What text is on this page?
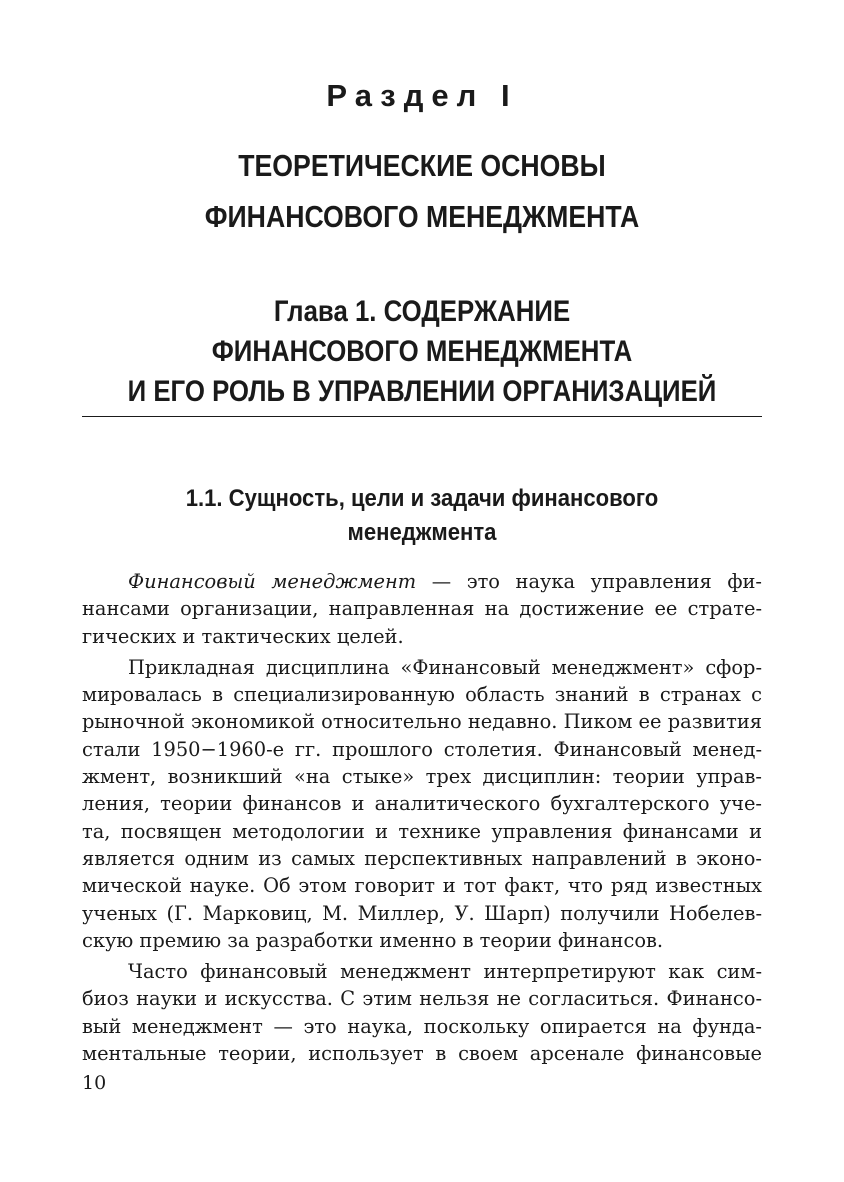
Раздел I
ТЕОРЕТИЧЕСКИЕ ОСНОВЫ
ФИНАНСОВОГО МЕНЕДЖМЕНТА
Глава 1. СОДЕРЖАНИЕ
ФИНАНСОВОГО МЕНЕДЖМЕНТА
И ЕГО РОЛЬ В УПРАВЛЕНИИ ОРГАНИЗАЦИЕЙ
1.1. Сущность, цели и задачи финансового
менеджмента
Финансовый менеджмент — это наука управления фи-
нансами организации, направленная на достижение ее страте-
гических и тактических целей.
Прикладная дисциплина «Финансовый менеджмент» сфор-
мировалась в специализированную область знаний в странах с
рыночной экономикой относительно недавно. Пиком ее развития
стали 1950−1960-е гг. прошлого столетия. Финансовый менед-
жмент, возникший «на стыке» трех дисциплин: теории управ-
ления, теории финансов и аналитического бухгалтерского уче-
та, посвящен методологии и технике управления финансами и
является одним из самых перспективных направлений в эконо-
мической науке. Об этом говорит и тот факт, что ряд известных
ученых (Г. Марковиц, М. Миллер, У. Шарп) получили Нобелев-
скую премию за разработки именно в теории финансов.
Часто финансовый менеджмент интерпретируют как сим-
биоз науки и искусства. С этим нельзя не согласиться. Финансо-
вый менеджмент — это наука, поскольку опирается на фунда-
ментальные теории, использует в своем арсенале финансовые
10
